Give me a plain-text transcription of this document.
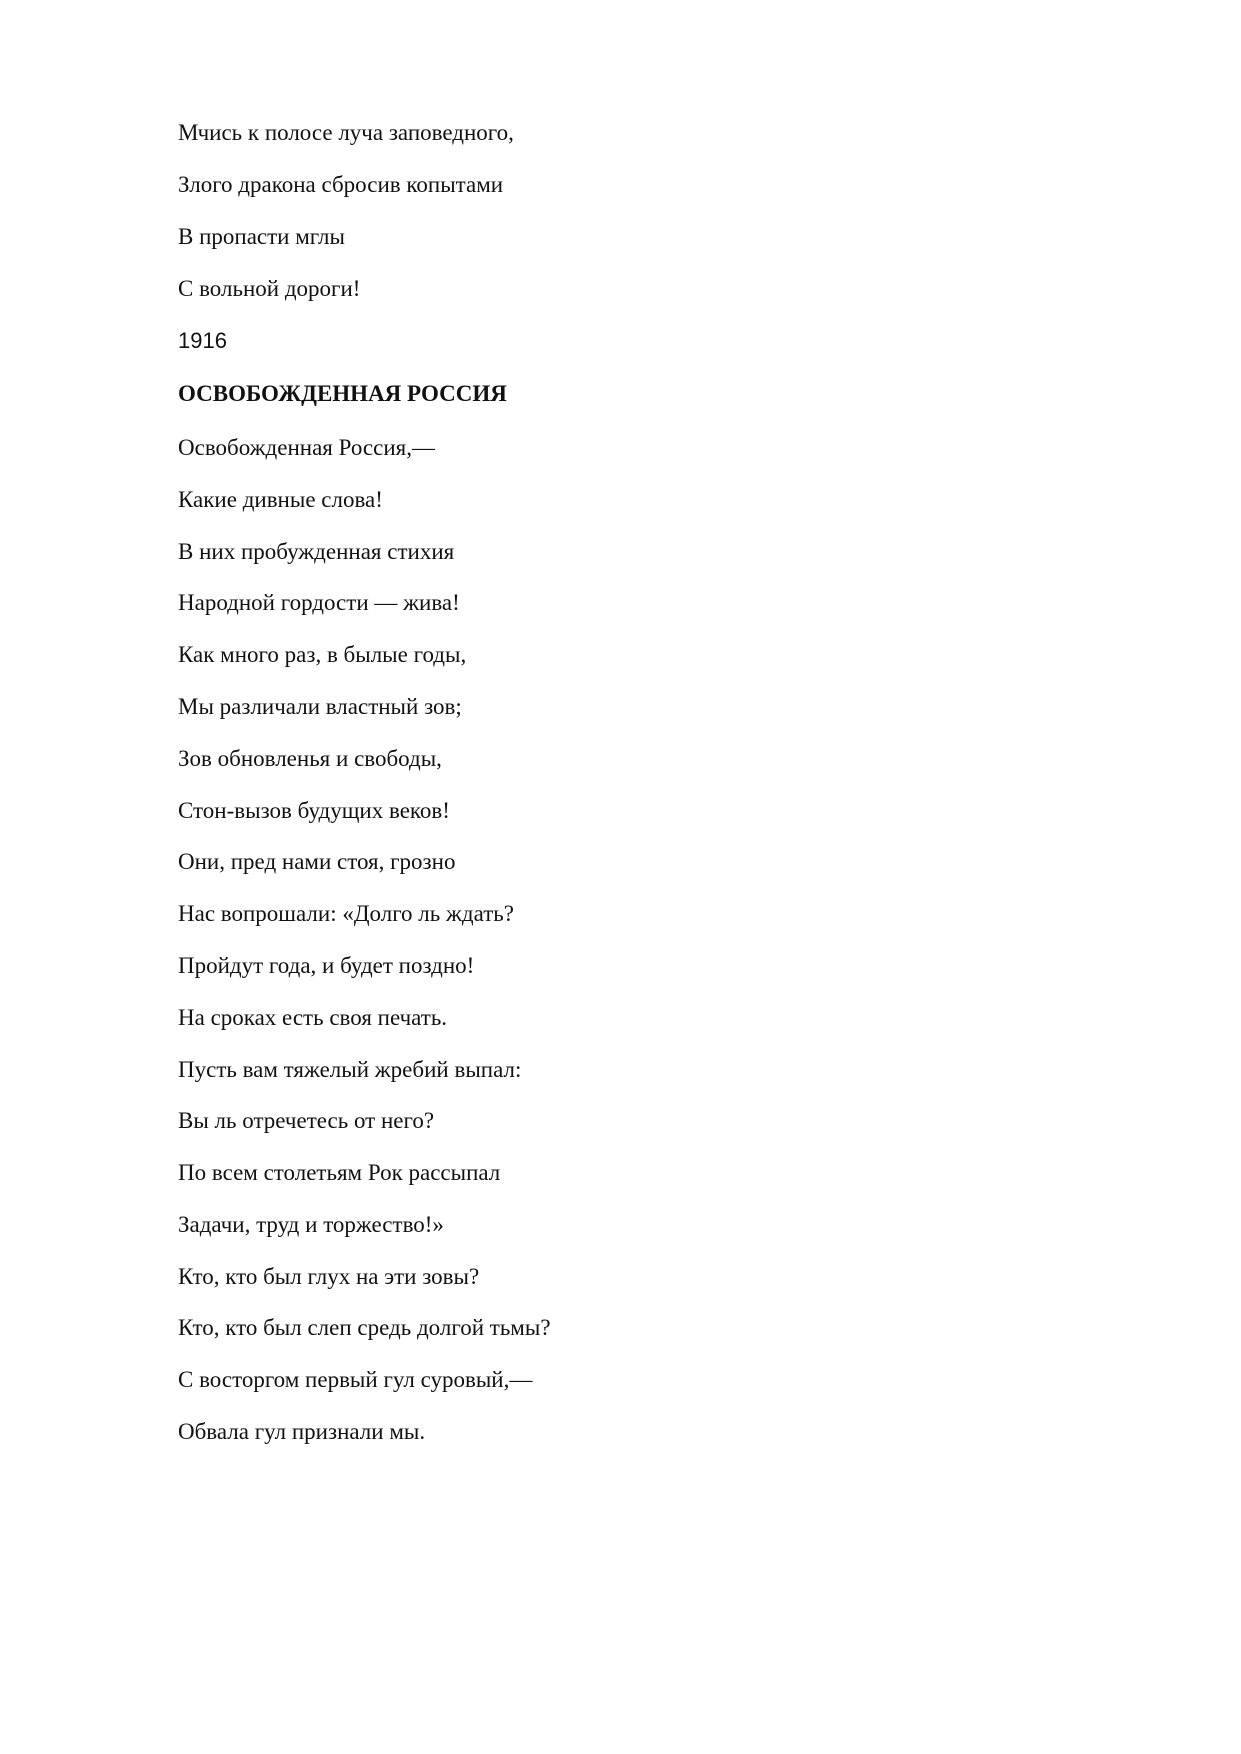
Мчись к полосе луча заповедного,

Злого дракона сбросив копытами

В пропасти мглы

С вольной дороги!

1916

ОСВОБОЖДЕННАЯ РОССИЯ

Освобожденная Россия,—

Какие дивные слова!

В них пробужденная стихия

Народной гордости — жива!

Как много раз, в былые годы,

Мы различали властный зов;

Зов обновленья и свободы,

Стон-вызов будущих веков!

Они, пред нами стоя, грозно

Нас вопрошали: «Долго ль ждать?

Пройдут года, и будет поздно!

На сроках есть своя печать.

Пусть вам тяжелый жребий выпал:

Вы ль отречетесь от него?

По всем столетьям Рок рассыпал

Задачи, труд и торжество!»

Кто, кто был глух на эти зовы?

Кто, кто был слеп средь долгой тьмы?

С восторгом первый гул суровый,—

Обвала гул признали мы.
